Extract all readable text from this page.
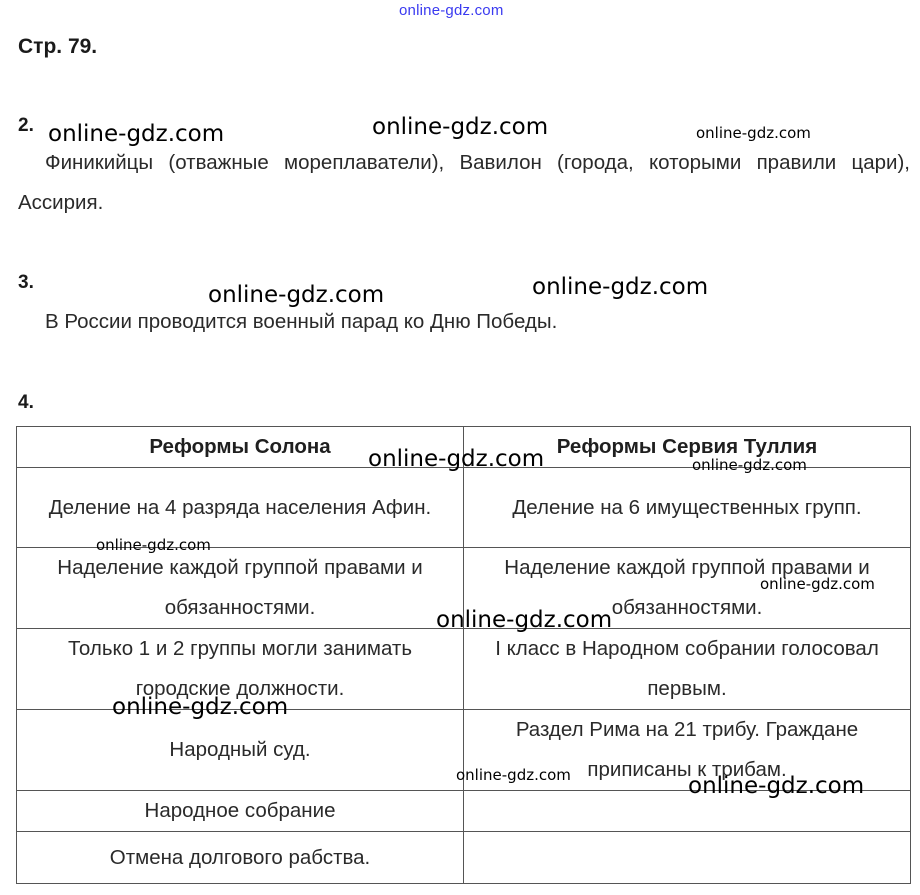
online-gdz.com
Стр. 79.
2.
Финикийцы (отважные мореплаватели), Вавилон (города, которыми правили цари), Ассирия.
3.
В России проводится военный парад ко Дню Победы.
4.
Реформы Солона	Реформы Сервия Туллия
Деление на 4 разряда населения Афин.	Деление на 6 имущественных групп.
Наделение каждой группой правами и обязанностями.	Наделение каждой группой правами и обязанностями.
Только 1 и 2 группы могли занимать городские должности.	I класс в Народном собрании голосовал первым.
Народный суд.	Раздел Рима на 21 трибу. Граждане приписаны к трибам.
Народное собрание	
Отмена долгового рабства.	
online-gdz.com	online-gdz.com	online-gdz.com
online-gdz.com	online-gdz.com
online-gdz.com	online-gdz.com
online-gdz.com
online-gdz.com
online-gdz.com
online-gdz.com
online-gdz.com	online-gdz.com
